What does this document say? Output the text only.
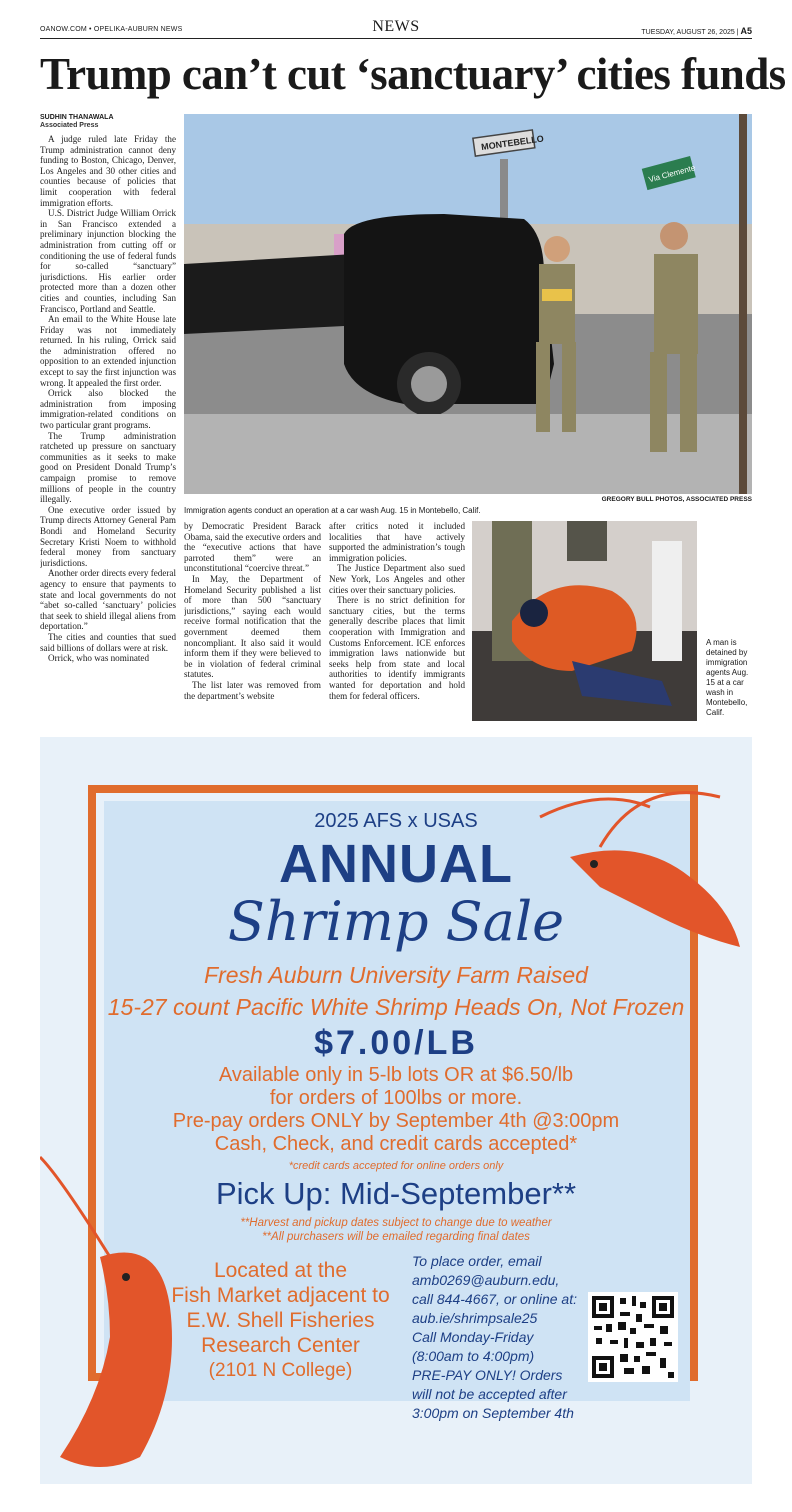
OANOW.COM • OPELIKA-AUBURN NEWS	NEWS	TUESDAY, AUGUST 26, 2025 | A5
Trump can’t cut ‘sanctuary’ cities funds
SUDHIN THANAWALA
Associated Press

A judge ruled late Friday the Trump administration cannot deny funding to Boston, Chicago, Denver, Los Angeles and 30 other cities and counties because of policies that limit cooperation with federal immigration efforts.

U.S. District Judge William Orrick in San Francisco extended a preliminary injunction blocking the administration from cutting off or conditioning the use of federal funds for so-called “sanctuary” jurisdictions. His earlier order protected more than a dozen other cities and counties, including San Francisco, Portland and Seattle.

An email to the White House late Friday was not immediately returned. In his ruling, Orrick said the administration offered no opposition to an extended injunction except to say the first injunction was wrong. It appealed the first order.

Orrick also blocked the administration from imposing immigration-related conditions on two particular grant programs.

The Trump administration ratcheted up pressure on sanctuary communities as it seeks to make good on President Donald Trump’s campaign promise to remove millions of people in the country illegally.

One executive order issued by Trump directs Attorney General Pam Bondi and Homeland Security Secretary Kristi Noem to withhold federal money from sanctuary jurisdictions.

Another order directs every federal agency to ensure that payments to state and local governments do not “abet so-called ‘sanctuary’ policies that seek to shield illegal aliens from deportation.”

The cities and counties that sued said billions of dollars were at risk.

Orrick, who was nominated

by Democratic President Barack Obama, said the executive orders and the “executive actions that have parroted them” were an unconstitutional “coercive threat.”

In May, the Department of Homeland Security published a list of more than 500 “sanctuary jurisdictions,” saying each would receive formal notification that the government deemed them noncompliant. It also said it would inform them if they were believed to be in violation of federal criminal statutes.

The list later was removed from the department’s website

after critics noted it included localities that have actively supported the administration’s tough immigration policies.

The Justice Department also sued New York, Los Angeles and other cities over their sanctuary policies.

There is no strict definition for sanctuary cities, but the terms generally describe places that limit cooperation with Immigration and Customs Enforcement. ICE enforces immigration laws nationwide but seeks help from state and local authorities to identify immigrants wanted for deportation and hold them for federal officers.

MONTEBELLO
Via Clemente
GREGORY BULL PHOTOS, ASSOCIATED PRESS
Immigration agents conduct an operation at a car wash Aug. 15 in Montebello, Calif.
A man is detained by immigration agents Aug. 15 at a car wash in Montebello, Calif.
2025 AFS x USAS
ANNUAL
Shrimp Sale
Fresh Auburn University Farm Raised
15-27 count Pacific White Shrimp Heads On, Not Frozen
$7.00/LB
Available only in 5-lb lots OR at $6.50/lb
for orders of 100lbs or more.
Pre-pay orders ONLY by September 4th @3:00pm
Cash, Check, and credit cards accepted*
*credit cards accepted for online orders only
Pick Up: Mid-September**
**Harvest and pickup dates subject to change due to weather
**All purchasers will be emailed regarding final dates
Located at the
Fish Market adjacent to
E.W. Shell Fisheries
Research Center
(2101 N College)
To place order, email amb0269@auburn.edu,
call 844-4667, or online at:
aub.ie/shrimpsale25
Call Monday-Friday
(8:00am to 4:00pm)
PRE-PAY ONLY! Orders
will not be accepted after
3:00pm on September 4th
